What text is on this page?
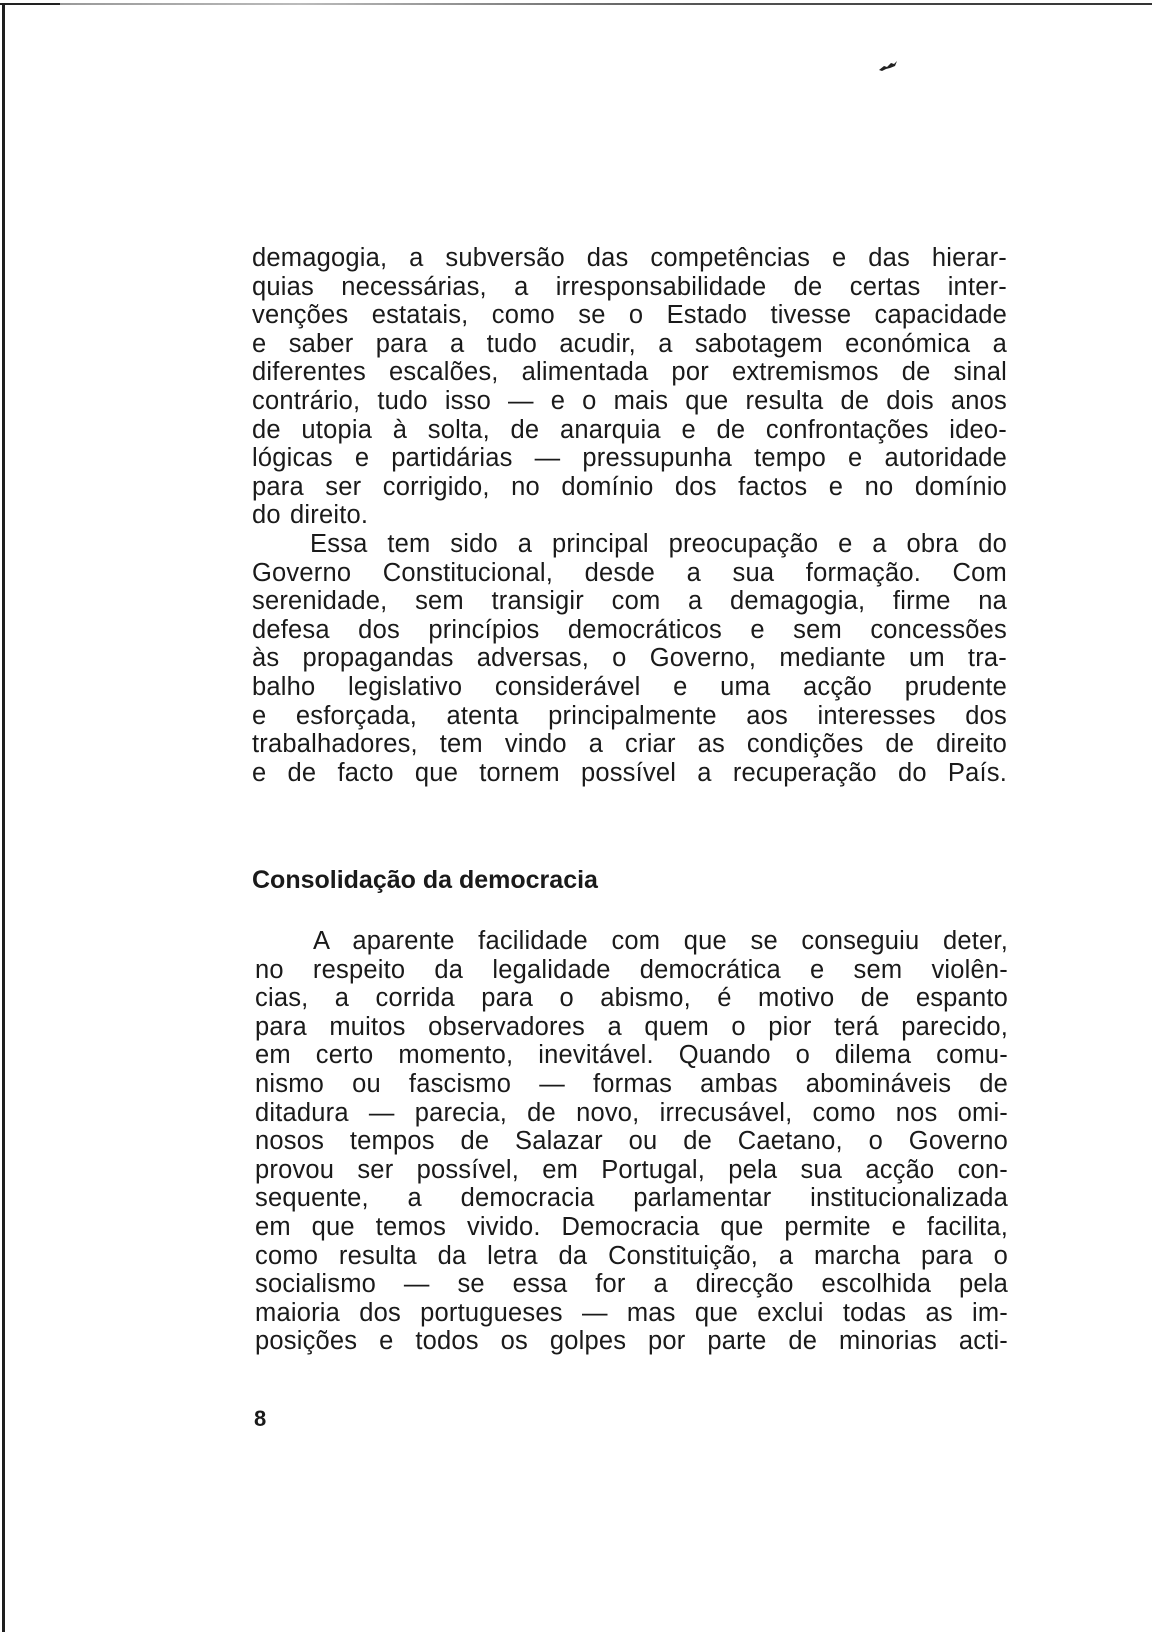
demagogia, a subversão das competências e das hierar-
quias necessárias, a irresponsabilidade de certas inter-
venções estatais, como se o Estado tivesse capacidade
e saber para a tudo acudir, a sabotagem económica a
diferentes escalões, alimentada por extremismos de sinal
contrário, tudo isso — e o mais que resulta de dois anos
de utopia à solta, de anarquia e de confrontações ideo-
lógicas e partidárias — pressupunha tempo e autoridade
para ser corrigido, no domínio dos factos e no domínio
do direito.
Essa tem sido a principal preocupação e a obra do
Governo Constitucional, desde a sua formação. Com
serenidade, sem transigir com a demagogia, firme na
defesa dos princípios democráticos e sem concessões
às propagandas adversas, o Governo, mediante um tra-
balho legislativo considerável e uma acção prudente
e esforçada, atenta principalmente aos interesses dos
trabalhadores, tem vindo a criar as condições de direito
e de facto que tornem possível a recuperação do País.
Consolidação da democracia
A aparente facilidade com que se conseguiu deter,
no respeito da legalidade democrática e sem violên-
cias, a corrida para o abismo, é motivo de espanto
para muitos observadores a quem o pior terá parecido,
em certo momento, inevitável. Quando o dilema comu-
nismo ou fascismo — formas ambas abomináveis de
ditadura — parecia, de novo, irrecusável, como nos omi-
nosos tempos de Salazar ou de Caetano, o Governo
provou ser possível, em Portugal, pela sua acção con-
sequente, a democracia parlamentar institucionalizada
em que temos vivido. Democracia que permite e facilita,
como resulta da letra da Constituição, a marcha para o
socialismo — se essa for a direcção escolhida pela
maioria dos portugueses — mas que exclui todas as im-
posições e todos os golpes por parte de minorias acti-
8
